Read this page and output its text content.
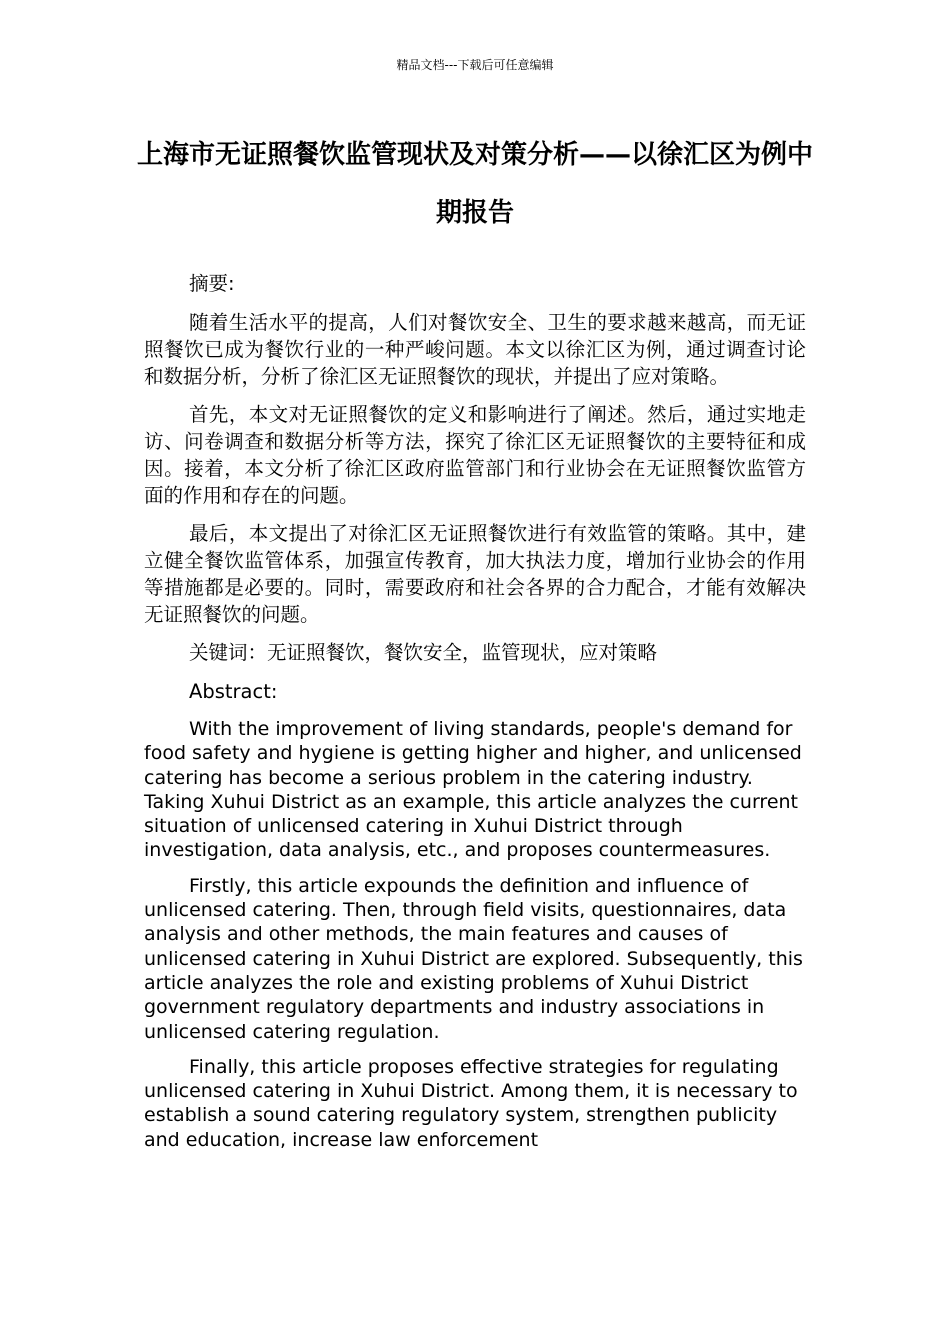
精品文档---下载后可任意编辑
上海市无证照餐饮监管现状及对策分析——以徐汇区为例中期报告

摘要:

随着生活水平的提高，人们对餐饮安全、卫生的要求越来越高，而无证照餐饮已成为餐饮行业的一种严峻问题。本文以徐汇区为例，通过调查讨论和数据分析，分析了徐汇区无证照餐饮的现状，并提出了应对策略。

首先，本文对无证照餐饮的定义和影响进行了阐述。然后，通过实地走访、问卷调查和数据分析等方法，探究了徐汇区无证照餐饮的主要特征和成因。接着，本文分析了徐汇区政府监管部门和行业协会在无证照餐饮监管方面的作用和存在的问题。

最后，本文提出了对徐汇区无证照餐饮进行有效监管的策略。其中，建立健全餐饮监管体系，加强宣传教育，加大执法力度，增加行业协会的作用等措施都是必要的。同时，需要政府和社会各界的合力配合，才能有效解决无证照餐饮的问题。

关键词：无证照餐饮，餐饮安全，监管现状，应对策略

Abstract:

With the improvement of living standards, people's demand for food safety and hygiene is getting higher and higher, and unlicensed catering has become a serious problem in the catering industry. Taking Xuhui District as an example, this article analyzes the current situation of unlicensed catering in Xuhui District through investigation, data analysis, etc., and proposes countermeasures.

Firstly, this article expounds the definition and influence of unlicensed catering. Then, through field visits, questionnaires, data analysis and other methods, the main features and causes of unlicensed catering in Xuhui District are explored. Subsequently, this article analyzes the role and existing problems of Xuhui District government regulatory departments and industry associations in unlicensed catering regulation.

Finally, this article proposes effective strategies for regulating unlicensed catering in Xuhui District. Among them, it is necessary to establish a sound catering regulatory system, strengthen publicity and education, increase law enforcement
